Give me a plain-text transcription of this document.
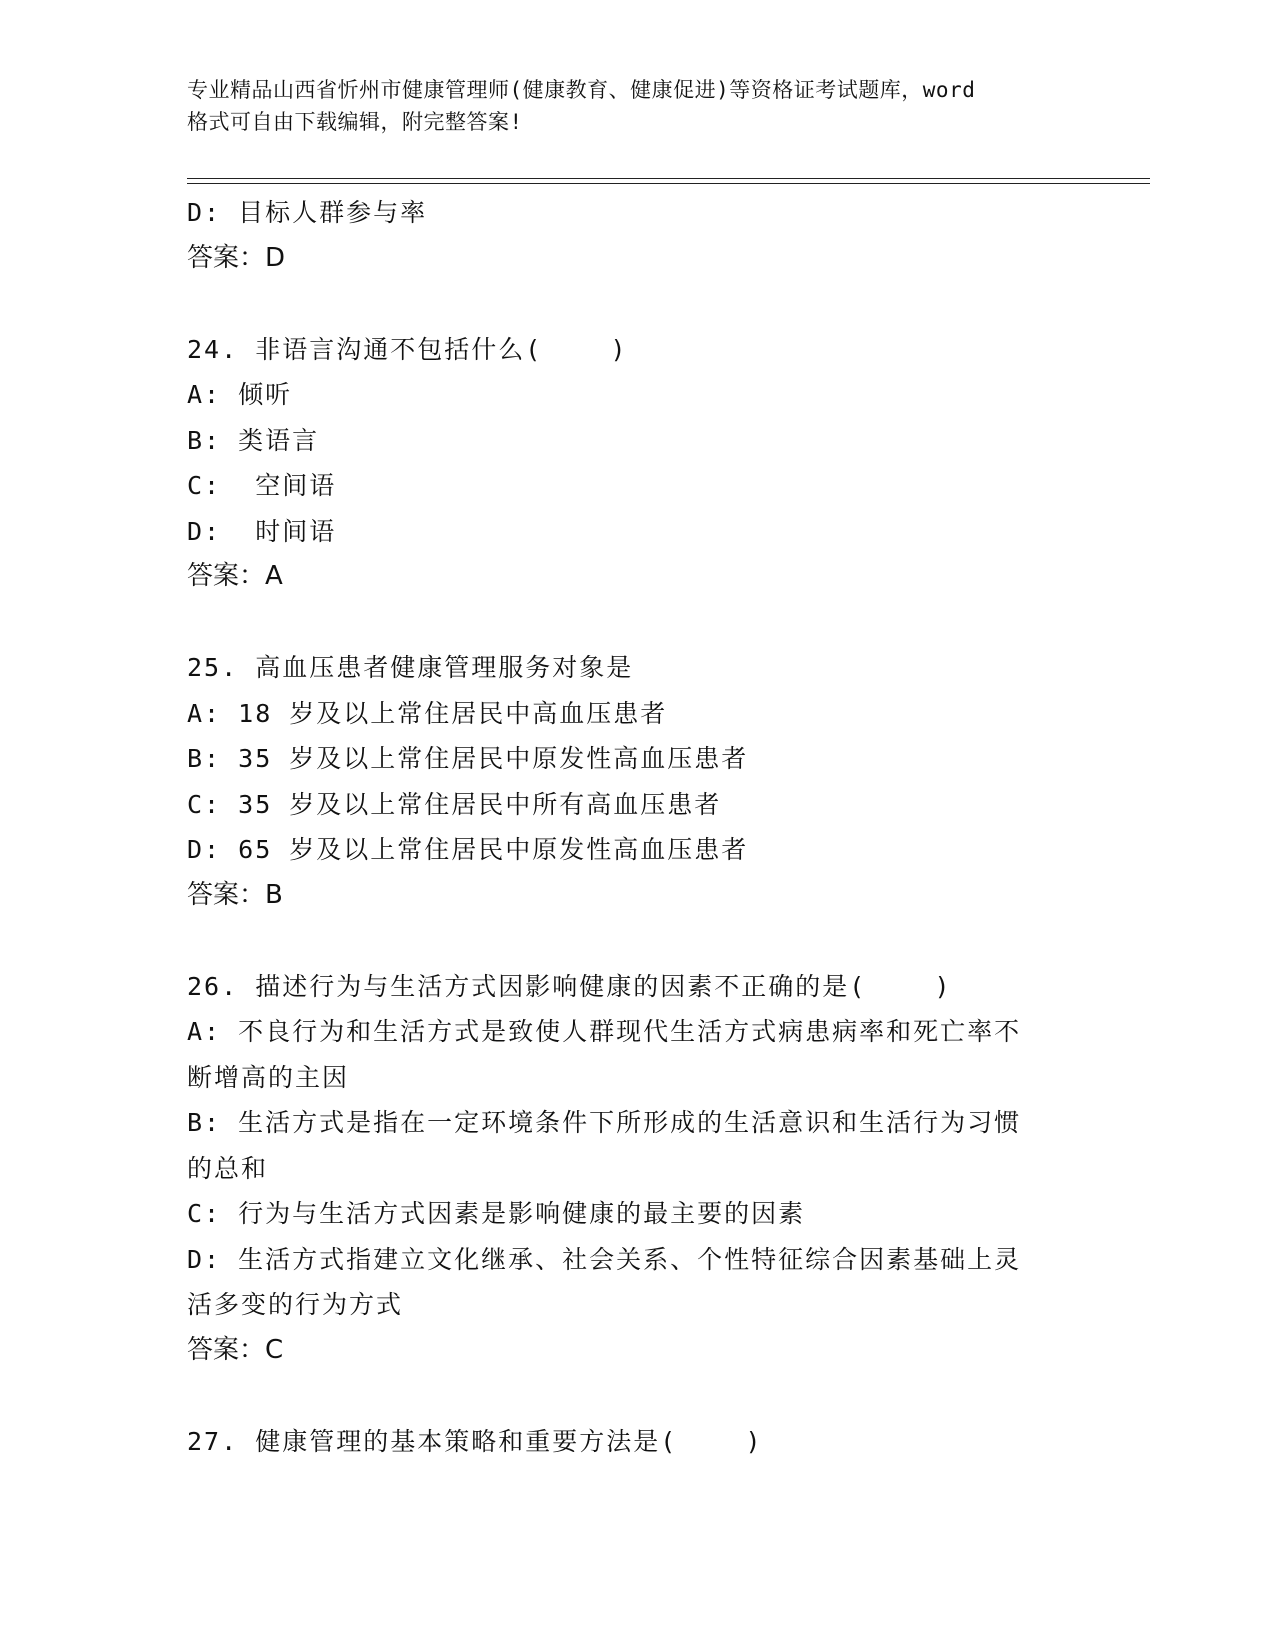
专业精品山西省忻州市健康管理师(健康教育、健康促进)等资格证考试题库，word
格式可自由下载编辑，附完整答案!
D: 目标人群参与率
答案：D
24. 非语言沟通不包括什么(    )
A: 倾听
B: 类语言
C:  空间语
D:  时间语
答案：A
25. 高血压患者健康管理服务对象是
A: 18 岁及以上常住居民中高血压患者
B: 35 岁及以上常住居民中原发性高血压患者
C: 35 岁及以上常住居民中所有高血压患者
D: 65 岁及以上常住居民中原发性高血压患者
答案：B
26. 描述行为与生活方式因影响健康的因素不正确的是(    )
A: 不良行为和生活方式是致使人群现代生活方式病患病率和死亡率不
断增高的主因
B: 生活方式是指在一定环境条件下所形成的生活意识和生活行为习惯
的总和
C: 行为与生活方式因素是影响健康的最主要的因素
D: 生活方式指建立文化继承、社会关系、个性特征综合因素基础上灵
活多变的行为方式
答案：C
27. 健康管理的基本策略和重要方法是(    )
